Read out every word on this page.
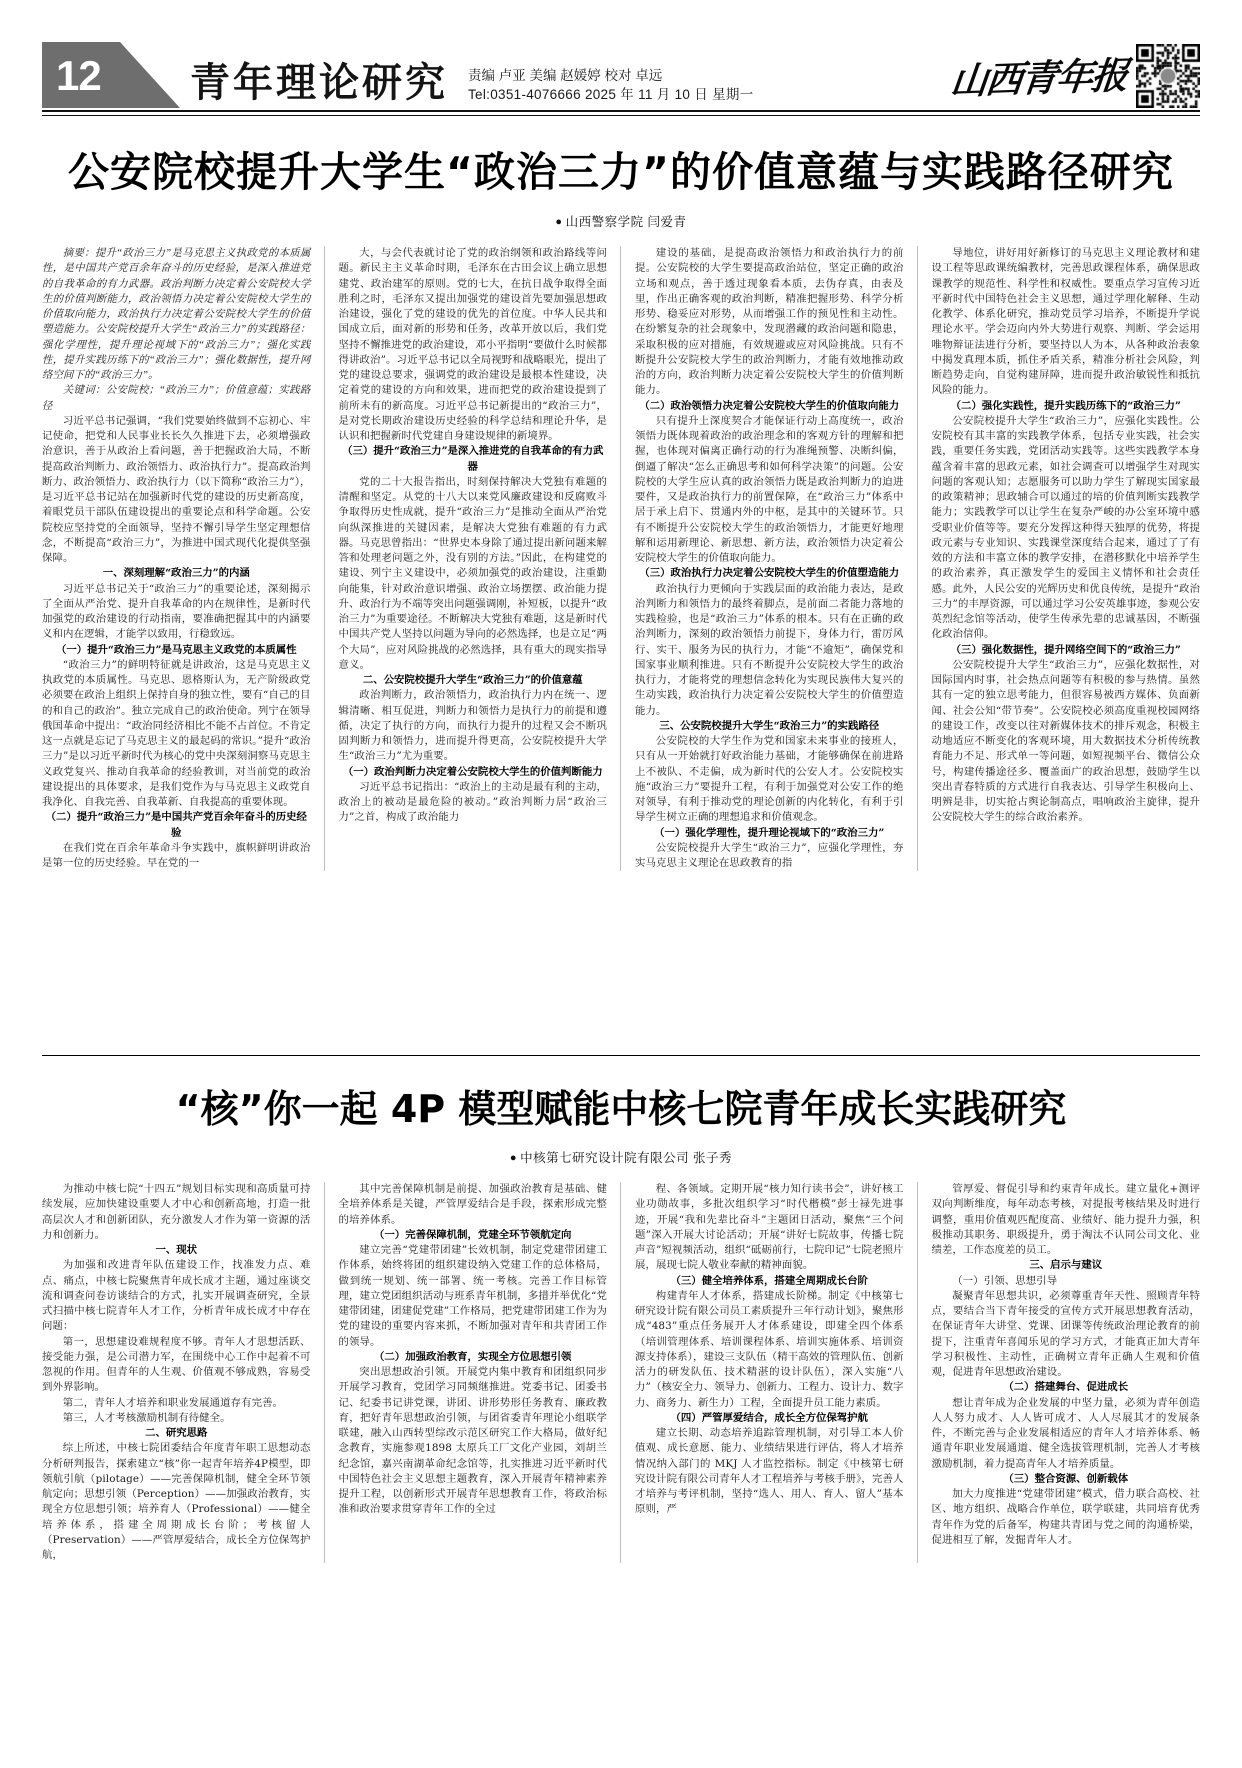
12 青年理论研究 责编 卢亚 美编 赵媛婷 校对 卓远
Tel:0351-4076666 2025 年 11 月 10 日 星期一	山西青年报
公安院校提升大学生“政治三力”的价值意蕴与实践路径研究
● 山西警察学院 闫爱青

摘要：提升“政治三力”是马克思主义执政党的本质属性，是中国共产党百余年奋斗的历史经验，是深入推进党的自我革命的有力武器。政治判断力决定着公安院校大学生的价值判断能力，政治领悟力决定着公安院校大学生的价值取向能力，政治执行力决定着公安院校大学生的价值塑造能力。公安院校提升大学生“政治三力”的实践路径：强化学理性，提升理论视域下的“政治三力”；强化实践性，提升实践历练下的“政治三力”；强化数据性，提升网络空间下的“政治三力”。

关键词：公安院校；“政治三力”；价值意蕴；实践路径

习近平总书记强调，“我们党要始终做到不忘初心、牢记使命，把党和人民事业长长久久推进下去，必须增强政治意识，善于从政治上看问题，善于把握政治大局，不断提高政治判断力、政治领悟力、政治执行力”。提高政治判断力、政治领悟力、政治执行力（以下简称“政治三力”），是习近平总书记站在加强新时代党的建设的历史新高度，着眼党员干部队伍建设提出的重要论点和科学命题。公安院校应坚持党的全面领导，坚持不懈引导学生坚定理想信念，不断提高“政治三力”，为推进中国式现代化提供坚强保障。

一、深刻理解“政治三力”的内涵

习近平总书记关于“政治三力”的重要论述，深刻揭示了全面从严治党、提升自我革命的内在规律性，是新时代加强党的政治建设的行动指南，要准确把握其中的内涵要义和内在逻辑，才能学以致用，行稳致远。

（一）提升“政治三力”是马克思主义政党的本质属性

“政治三力”的鲜明特征就是讲政治，这是马克思主义执政党的本质属性。马克思、恩格斯认为，无产阶级政党必须要在政治上组织上保持自身的独立性，要有“自己的目的和自己的政治”。独立完成自己的政治使命。列宁在领导俄国革命中提出：“政治同经济相比不能不占首位。不肯定这一点就是忘记了马克思主义的最起码的常识。”提升“政治三力”是以习近平新时代为核心的党中央深刻洞察马克思主义政党复兴、推动自我革命的经验教训，对当前党的政治建设提出的具体要求，是我们党作为与马克思主义政党自我净化、自我完善、自我革新、自我提高的重要体现。

（二）提升“政治三力”是中国共产党百余年奋斗的历史经验

在我们党在百余年革命斗争实践中，旗帜鲜明讲政治是第一位的历史经验。早在党的一

大，与会代表就讨论了党的政治纲领和政治路线等问题。新民主主义革命时期，毛泽东在古田会议上确立思想建党、政治建军的原则。党的七大，在抗日战争取得全面胜利之时，毛泽东又提出加强党的建设首先要加强思想政治建设，强化了党的建设的优先的首位度。中华人民共和国成立后，面对新的形势和任务，改革开放以后，我们党坚持不懈推进党的政治建设，邓小平指明“要做什么时候都得讲政治”。习近平总书记以全局视野和战略眼光，提出了党的建设总要求，强调党的政治建设是最根本性建设，决定着党的建设的方向和效果，进而把党的政治建设提到了前所未有的新高度。习近平总书记新提出的“政治三力”，是对党长期政治建设历史经验的科学总结和理论升华，是认识和把握新时代党建自身建设规律的新境界。

（三）提升“政治三力”是深入推进党的自我革命的有力武器

党的二十大报告指出，时刻保持解决大党独有难题的清醒和坚定。从党的十八大以来党风廉政建设和反腐败斗争取得历史性成就，提升“政治三力”是推动全面从严治党向纵深推进的关键因素，是解决大党独有难题的有力武器。马克思曾指出：“世界史本身除了通过提出新问题来解答和处理老问题之外，没有别的方法。”因此，在构建党的建设、列宁主义建设中，必须加强党的政治建设，注重勤向能集，针对政治意识增强、政治立场摆摆、政治能力提升、政治行为不端等突出问题强调刚，补短板，以提升“政治三力”为重要途径。不断解决大党独有难题，这是新时代中国共产党人坚持以问题为导向的必然选择，也是立足“两个大局”，应对风险挑战的必然选择，具有重大的现实指导意义。

二、公安院校提升大学生“政治三力”的价值意蕴

政治判断力，政治领悟力，政治执行力内在统一、逻辑清晰、相互促进，判断力和领悟力是执行力的前提和遵循，决定了执行的方向，而执行力提升的过程又会不断巩固判断力和领悟力，进而提升得更高，公安院校提升大学生“政治三力”尤为重要。

（一）政治判断力决定着公安院校大学生的价值判断能力

习近平总书记指出：“政治上的主动是最有利的主动，政治上的被动是最危险的被动。”政治判断力居“政治三力”之首，构成了政治能力

建设的基础，是提高政治领悟力和政治执行力的前提。公安院校的大学生要提高政治站位，坚定正确的政治立场和观点，善于透过现象看本质，去伪存真，由表及里，作出正确客观的政治判断，精准把握形势、科学分析形势、稳妥应对形势，从而增强工作的预见性和主动性。在纷繁复杂的社会现象中，发现潜藏的政治问题和隐患，采取积极的应对措施，有效规避或应对风险挑战。只有不断提升公安院校大学生的政治判断力，才能有效地推动政治的方向，政治判断力决定着公安院校大学生的价值判断能力。

（二）政治领悟力决定着公安院校大学生的价值取向能力

只有提升上深度契合才能保证行动上高度统一，政治领悟力既体现着政治的政治理念和的客观方针的理解和把握，也体现对偏离正确行动的行为准绳预警、决断纠偏，倒逼了解决“怎么正确思考和如何科学决策”的问题。公安院校的大学生应认真的政治领悟力既是政治判断力的迫进要件，又是政治执行力的前置保障，在“政治三力”体系中居于承上启下、贯通内外的中枢，是其中的关键环节。只有不断提升公安院校大学生的政治领悟力，才能更好地理解和运用新理论、新思想、新方法，政治领悟力决定着公安院校大学生的价值取向能力。

（三）政治执行力决定着公安院校大学生的价值塑造能力

政治执行力更倾向于实践层面的政治能力表达，是政治判断力和领悟力的最终着脚点，是前面二者能力落地的实践检验，也是“政治三力”体系的根本。只有在正确的政治判断力，深刻的政治领悟力前提下，身体力行，雷厉风行、实干、服务为民的执行力，才能“不逾矩”，确保党和国家事业顺利推进。只有不断提升公安院校大学生的政治执行力，才能将党的理想信念转化为实现民族伟大复兴的生动实践，政治执行力决定着公安院校大学生的价值塑造能力。

三、公安院校提升大学生“政治三力”的实践路径

公安院校的大学生作为党和国家未来事业的接班人，只有从一开始就打好政治能力基础，才能够确保在前进路上不被队、不走偏，成为新时代的公安人才。公安院校实施“政治三力”要提升工程，有利于加强党对公安工作的绝对领导，有利于推动党的理论创新的内化转化，有利于引导学生树立正确的理想追求和价值观念。

（一）强化学理性，提升理论视域下的“政治三力”

公安院校提升大学生“政治三力”，应强化学理性，夯实马克思主义理论在思政教育的指

导地位，讲好用好新修订的马克思主义理论教材和建设工程等思政课统编教材，完善思政课程体系，确保思政课教学的规范性、科学性和权威性。要重点学习宣传习近平新时代中国特色社会主义思想，通过学理化解释、生动化教学、体系化研究，推动党员学习培养，不断提升学说理论水平。学会迈向内外大势进行观察、判断、学会运用唯物辩证法进行分析，要坚持以人为本，从各种政治表象中揭发真理本质，抓住矛盾关系，精准分析社会风险，判断趋势走向，自觉构建屏障，进而提升政治敏锐性和抵抗风险的能力。

（二）强化实践性，提升实践历练下的“政治三力”

公安院校提升大学生“政治三力”，应强化实践性。公安院校有其丰富的实践教学体系，包括专业实践，社会实践，重要任务实践，党团活动实践等。这些实践教学本身蕴含着丰富的思政元素，如社会调查可以增强学生对现实问题的客观认知；志愿服务可以助力学生了解现实国家最的政策精神；思政辅合可以通过的培的价值判断实践教学能力；实践教学可以让学生在复杂严峻的办公室环境中感受职业价值等等。要充分发挥这种得天独厚的优势，将提政元素与专业知识、实践课堂深度结合起来，通过了了有效的方法和丰富立体的教学安排，在潜移默化中培养学生的政治素养，真正激发学生的爱国主义情怀和社会责任感。此外，人民公安的光辉历史和优良传统，是提升“政治三力”的丰厚资源，可以通过学习公安英雄事迹，参观公安英烈纪念馆等活动，使学生传承先辈的忠诚基因，不断强化政治信仰。

（三）强化数据性，提升网络空间下的“政治三力”

公安院校提升大学生“政治三力”，应强化数据性，对国际国内时事，社会热点问题等有积极的参与热情。虽然其有一定的独立思考能力，但很容易被西方媒体、负面新闻、社会公知“带节奏”。公安院校必须高度重视校园网络的建设工作，改变以往对新媒体技术的排斥观念，积极主动地适应不断变化的客观环境，用大数据技术分析传统教育能力不足、形式单一等问题，如短视频平台、微信公众号，构建传播途径多、覆盖面广的政治思想，鼓励学生以突出青春特质的方式进行自我表达、引导学生积极向上、明辨是非，切实抢占舆论制高点，唱响政治主旋律，提升公安院校大学生的综合政治素养。

“核”你一起 4P 模型赋能中核七院青年成长实践研究
● 中核第七研究设计院有限公司 张子秀

为推动中核七院“十四五”规划目标实现和高质量可持续发展，应加快建设重要人才中心和创新高地，打造一批高层次人才和创新团队，充分激发人才作为第一资源的活力和创新力。

一、现状

为加强和改进青年队伍建设工作，找准发力点、难点、痛点，中核七院聚焦青年成长成才主题，通过座谈交流和调查问卷访谈结合的方式，扎实开展调查研究，全景式扫描中核七院青年人才工作，分析青年成长成才中存在问题：

第一，思想建设难规程度不够。青年人才思想活跃、接受能力强，是公司潜力军，在围绕中心工作中起着不可忽视的作用。但青年的人生观、价值观不够成熟，容易受到外界影响。

第二，青年人才培养和职业发展通道存有完善。

第三，人才考核激励机制有待健全。

二、研究思路

综上所述，中核七院团委结合年度青年职工思想动态分析研判报告，探索建立“核”你一起青年培养4P模型，即领航引航（pilotage）——完善保障机制，健全全环节领航定向；思想引领（Perception）——加强政治教育，实现全方位思想引领；培养育人（Professional）——健全培养体系，搭建全周期成长台阶；考核留人（Preservation）——严管厚爱结合，成长全方位保驾护航，

其中完善保障机制是前提、加强政治教育是基础、健全培养体系是关键，严管厚爱结合是手段，探索形成完整的培养体系。

（一）完善保障机制，党建全环节领航定向

建立完善“党建带团建”长效机制，制定党建带团建工作体系，始终将团的组织建设纳入党建工作的总体格局，做到统一规划、统一部署、统一考核。完善工作目标管理，建立党团组织活动与班系青年机制，多措并举优化“党建带团建，团建促党建”工作格局，把党建带团建工作为为党的建设的重要内容来抓，不断加强对青年和共青团工作的领导。

（二）加强政治教育，实现全方位思想引领

突出思想政治引领。开展党内集中教育和团组织同步开展学习教育，党团学习同频继推进。党委书记、团委书记、纪委书记讲党课，讲团、讲形势形任务教育、廉政教育，把好青年思想政治引领，与团省委青年理论小组联学联建，融入山西转型综改示范区研究工作大格局，做好纪念教育，实施参观1898 太原兵工厂文化产业园，刘胡兰纪念馆，嘉兴南湖革命纪念馆等，扎实推进习近平新时代中国特色社会主义思想主题教育，深入开展青年精神素养提升工程，以创新形式开展青年思想教育工作，将政治标准和政治要求贯穿青年工作的全过

程、各领域。定期开展“核力知行读书会”，讲好核工业功勋故事，多批次组织学习“时代楷模”彭士禄先进事迹，开展“我和先辈比奋斗”主题团日活动，聚焦“三个问题”深入开展大讨论活动；开展“讲好七院故事，传播七院声音”短视频活动，组织“砥砺前行，七院印记”七院老照片展，展现七院人敬业奉献的精神面貌。

（三）健全培养体系，搭建全周期成长台阶

构建青年人才体系，搭建成长阶梯。制定《中核第七研究设计院有限公司员工素质提升三年行动计划》，聚焦形成“483”重点任务展开人才体系建设，即建全四个体系（培训管理体系、培训课程体系、培训实施体系、培训资源支持体系），建设三支队伍（精干高效的管理队伍、创新活力的研发队伍、技术精湛的设计队伍），深入实施“八力”（核安全力、领导力、创新力、工程力、设计力、数字力、商务力、新生力）工程，全面提升员工能力素质。

（四）严管厚爱结合，成长全方位保驾护航

建立长期、动态培养追踪管理机制，对引导工本人价值观、成长意愿、能力、业绩结果进行评估，将人才培养情况纳入部门的 MKJ 人才监控指标。制定《中核第七研究设计院有限公司青年人才工程培养与考核手册》，完善人才培养与考评机制，坚持“选人、用人、育人、留人”基本原则，严

管厚爱、督促引导和约束青年成长。建立量化+测评双向判断维度，每年动态考核，对提报考核结果及时进行调整，重用价值观匹配度高、业绩好、能力提升力强，积极推动其职务、职级提升，勇于淘汰不认同公司文化、业绩差，工作态度差的员工。

三、启示与建议

（一）引领、思想引导

凝聚青年思想共识，必须尊重青年天性、照顾青年特点，要结合当下青年接受的宣传方式开展思想教育活动，在保证青年大讲堂、党课、团课等传统政治理论教育的前提下，注重青年喜闻乐见的学习方式，才能真正加大青年学习积极性、主动性，正确树立青年正确人生观和价值观，促进青年思想政治建设。

（二）搭建舞台、促进成长

想让青年成为企业发展的中坚力量，必须为青年创造人人努力成才、人人皆可成才、人人尽展其才的发展条件，不断完善与企业发展相适应的青年人才培养体系、畅通青年职业发展通道、健全选拔管理机制，完善人才考核激励机制，着力提高青年人才培养质量。

（三）整合资源、创新载体

加大力度推进“党建带团建”模式，借力联合高校、社区、地方组织、战略合作单位，联学联建，共同培育优秀青年作为党的后备军，构建共青团与党之间的沟通桥梁，促进相互了解，发掘青年人才。
